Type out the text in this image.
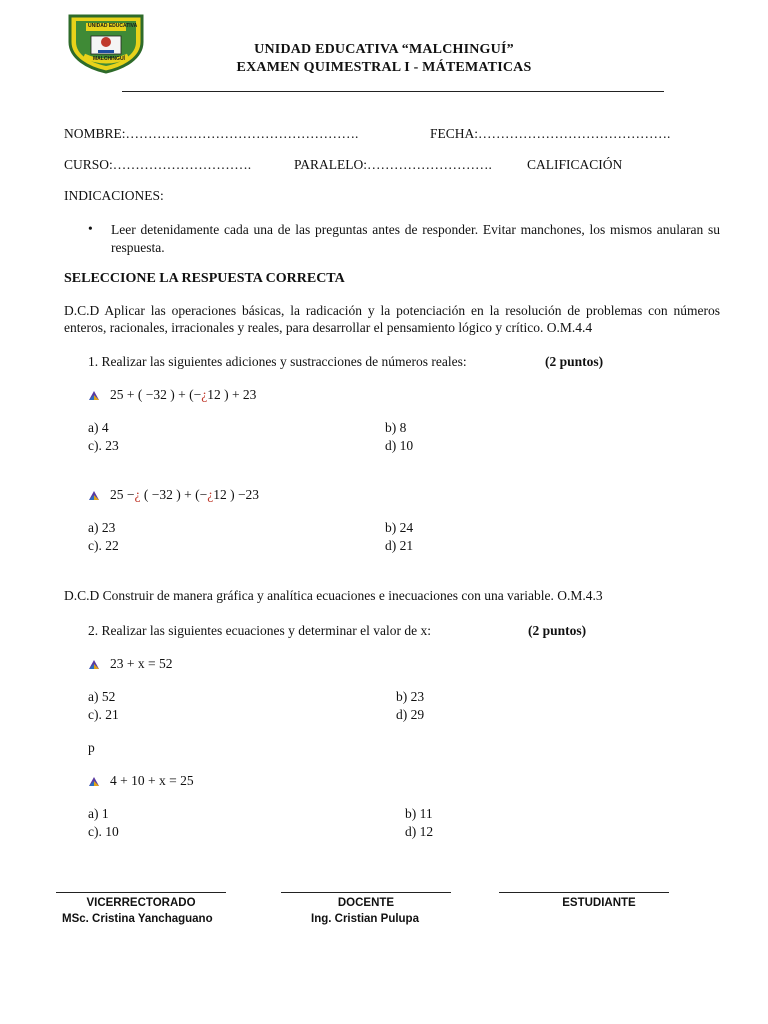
UNIDAD EDUCATIVA
MALCHINGUÍ
UNIDAD EDUCATIVA “MALCHINGUÍ”
EXAMEN QUIMESTRAL I - MÁTEMATICAS
NOMBRE:…………………………………………….	FECHA:…………………………………….
CURSO:………………………….	PARALELO:……………………….	CALIFICACIÓN
INDICACIONES:
• Leer detenidamente cada una de las preguntas antes de responder. Evitar manchones, los mismos anularan su respuesta.
SELECCIONE LA RESPUESTA CORRECTA
D.C.D Aplicar las operaciones básicas, la radicación y la potenciación en la resolución de problemas con números enteros, racionales, irracionales y reales, para desarrollar el pensamiento lógico y crítico. O.M.4.4
1. Realizar las siguientes adiciones y sustracciones de números reales:	(2 puntos)
25 + ( −32 ) + (−¿12 ) + 23
a) 4	b) 8
c). 23	d) 10
25 −¿ ( −32 ) + (−¿12 ) −23
a) 23	b) 24
c). 22	d) 21
D.C.D Construir de manera gráfica y analítica ecuaciones e inecuaciones con una variable. O.M.4.3
2. Realizar las siguientes ecuaciones y determinar el valor de x:	(2 puntos)
23 + x = 52
a) 52	b) 23
c). 21	d) 29
p
4 + 10 + x = 25
a) 1	b) 11
c). 10	d) 12
VICERRECTORADO
MSc. Cristina Yanchaguano
DOCENTE
Ing. Cristian Pulupa
ESTUDIANTE
